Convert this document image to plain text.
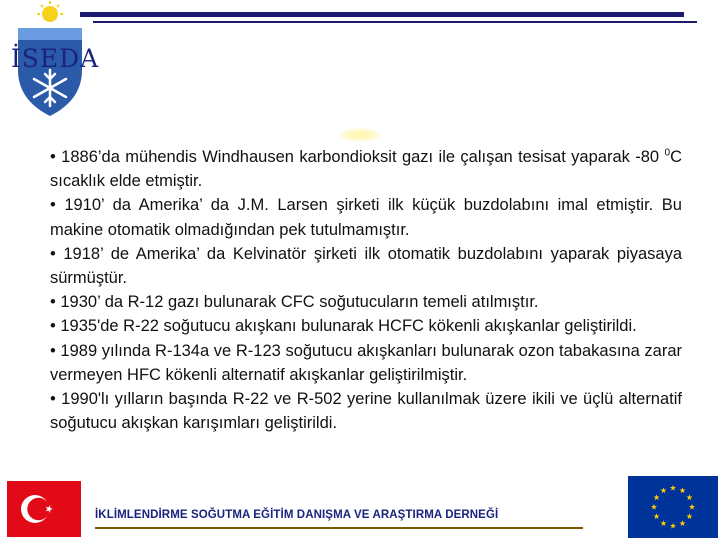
İSEDA
• 1886’da mühendis Windhausen karbondioksit gazı ile çalışan tesisat yaparak -80 $^0$C sıcaklık elde etmiştir.
• 1910’ da Amerika’ da J.M. Larsen şirketi ilk küçük buzdolabını imal etmiştir. Bu makine otomatik olmadığından pek tutulmamıştır.
• 1918’ de Amerika’ da Kelvinatör şirketi ilk otomatik buzdolabını yaparak piyasaya sürmüştür.
• 1930’ da R-12 gazı bulunarak CFC soğutucuların temeli atılmıştır.
• 1935'de R-22 soğutucu akışkanı bulunarak HCFC kökenli akışkanlar geliştirildi.
• 1989 yılında R-134a ve R-123 soğutucu akışkanları bulunarak ozon tabakasına zarar vermeyen HFC kökenli alternatif akışkanlar geliştirilmiştir.
• 1990'lı yılların başında R-22 ve R-502 yerine kullanılmak üzere ikili ve üçlü alternatif soğutucu akışkan karışımları geliştirildi.
İKLİMLENDİRME SOĞUTMA EĞİTİM DANIŞMA VE ARAŞTIRMA DERNEĞİ
